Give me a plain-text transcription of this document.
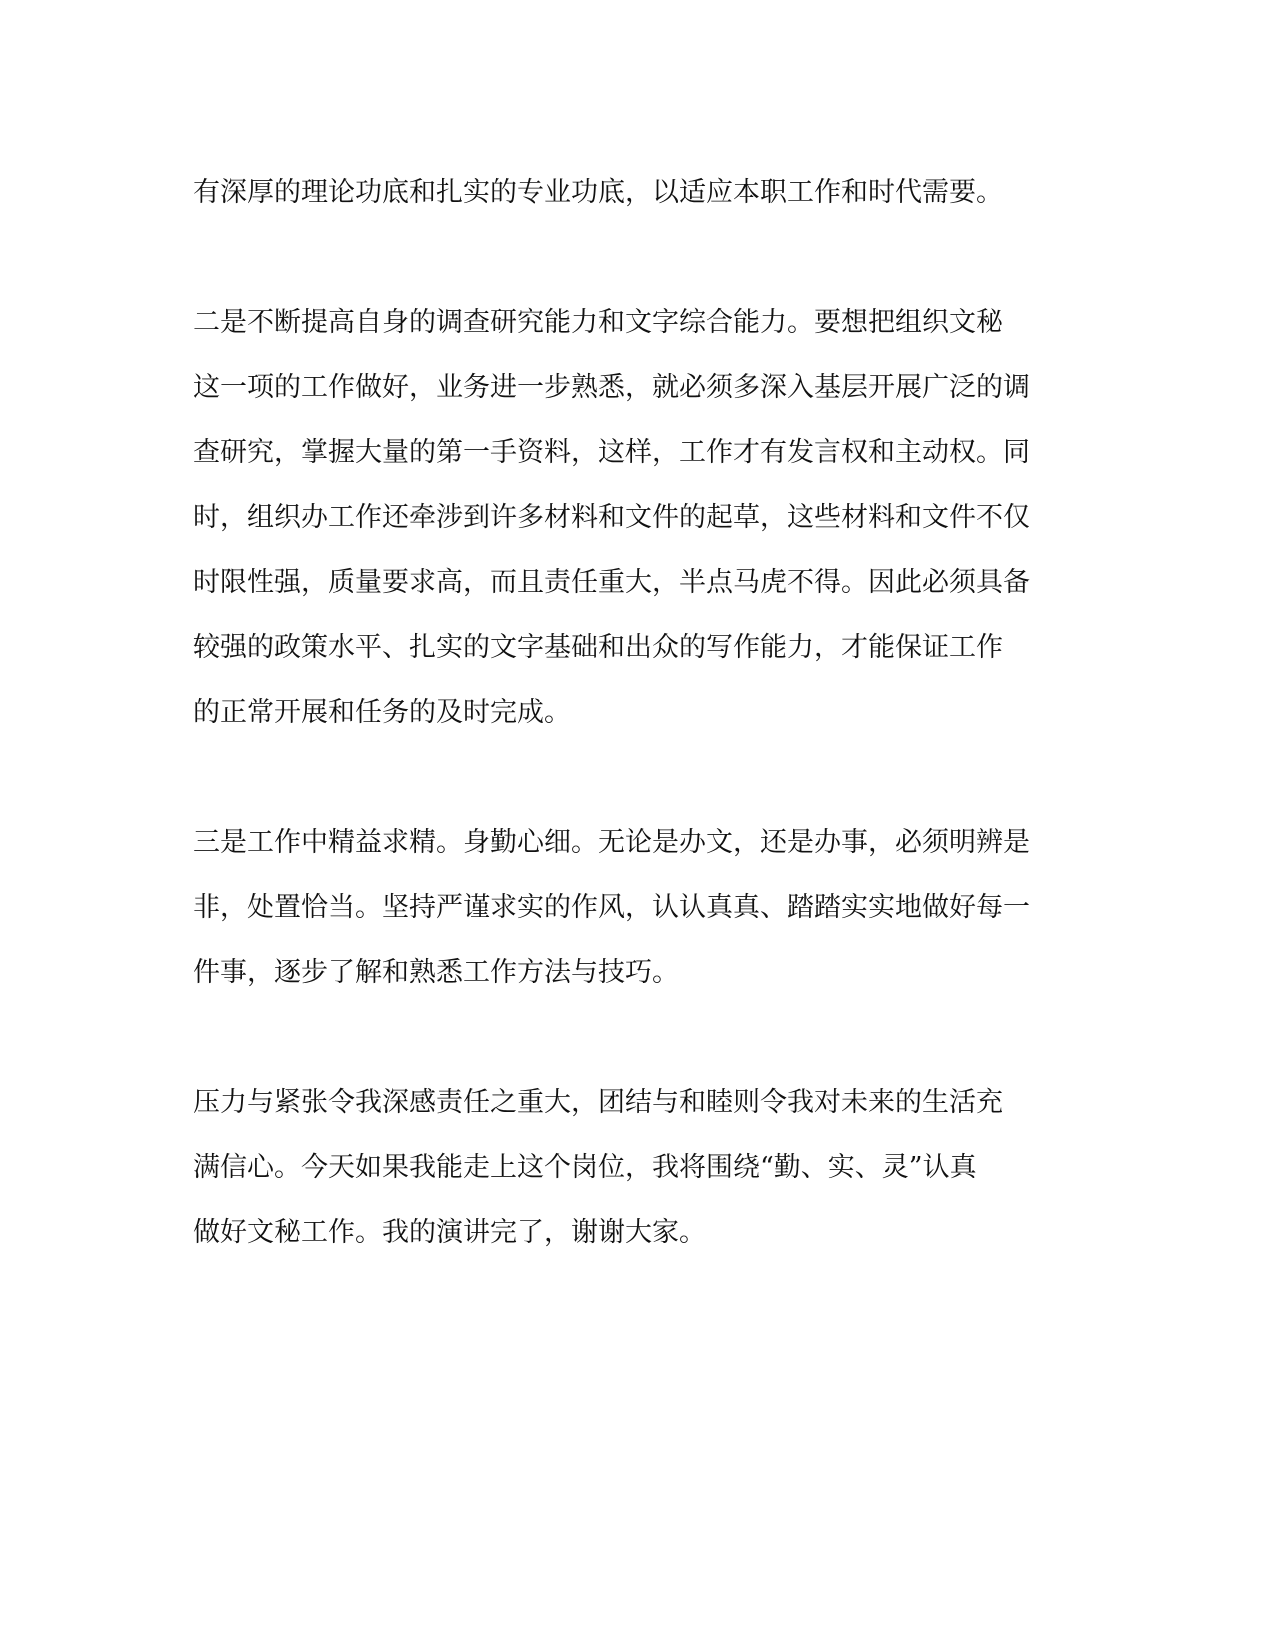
有深厚的理论功底和扎实的专业功底，以适应本职工作和时代需要。
二是不断提高自身的调查研究能力和文字综合能力。要想把组织文秘
这一项的工作做好，业务进一步熟悉，就必须多深入基层开展广泛的调
查研究，掌握大量的第一手资料，这样，工作才有发言权和主动权。同
时，组织办工作还牵涉到许多材料和文件的起草，这些材料和文件不仅
时限性强，质量要求高，而且责任重大，半点马虎不得。因此必须具备
较强的政策水平、扎实的文字基础和出众的写作能力，才能保证工作
的正常开展和任务的及时完成。
三是工作中精益求精。身勤心细。无论是办文，还是办事，必须明辨是
非，处置恰当。坚持严谨求实的作风，认认真真、踏踏实实地做好每一
件事，逐步了解和熟悉工作方法与技巧。
压力与紧张令我深感责任之重大，团结与和睦则令我对未来的生活充
满信心。今天如果我能走上这个岗位，我将围绕“勤、实、灵”认真
做好文秘工作。我的演讲完了，谢谢大家。
